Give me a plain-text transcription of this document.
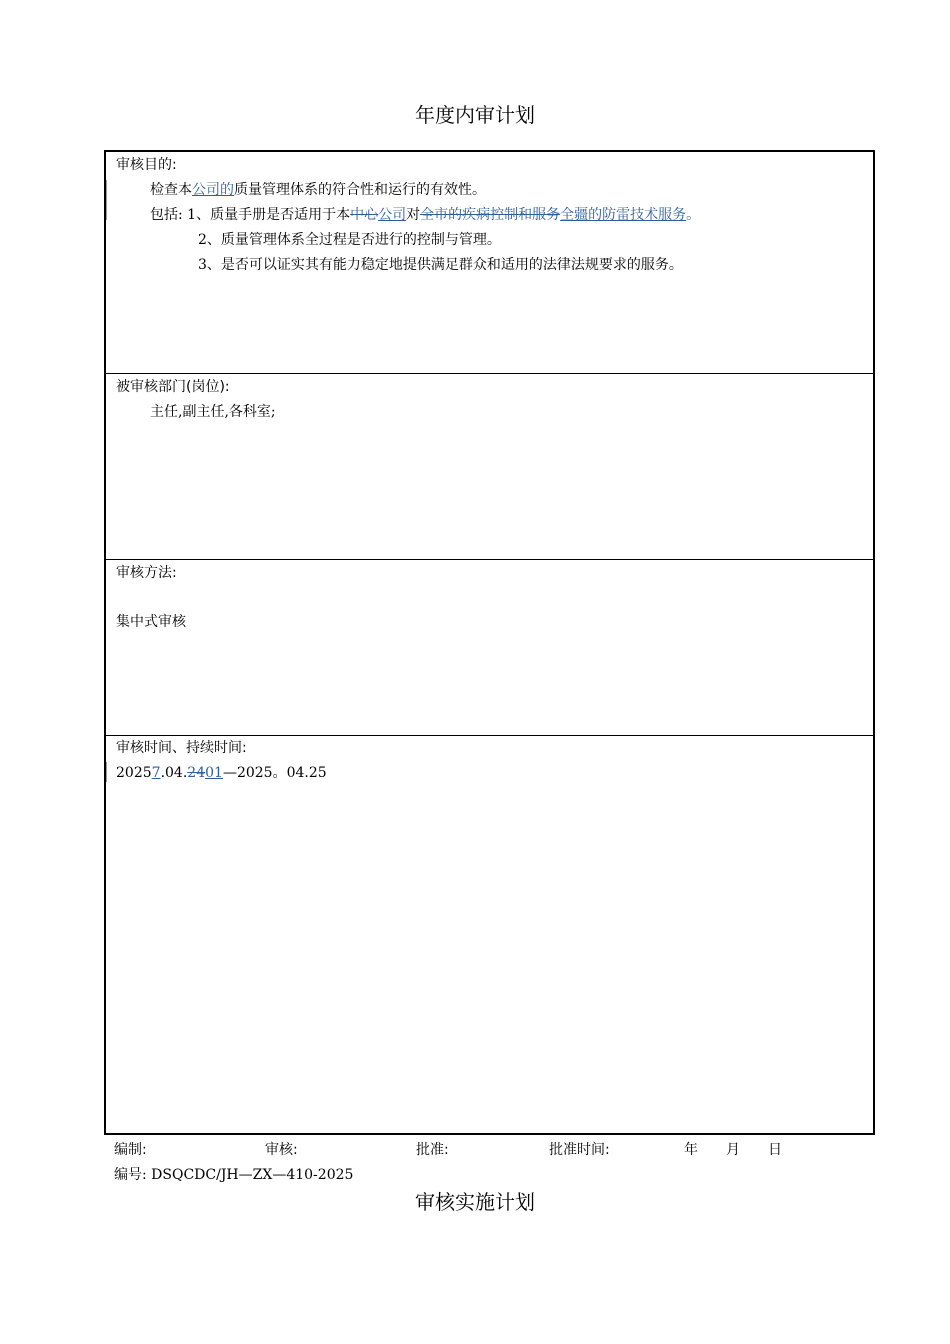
年度内审计划
审核目的:
检查本公司的质量管理体系的符合性和运行的有效性。
包括: 1、质量手册是否适用于本中心公司对全市的疾病控制和服务全疆的防雷技术服务。
2、质量管理体系全过程是否进行的控制与管理。
3、是否可以证实其有能力稳定地提供满足群众和适用的法律法规要求的服务。
被审核部门(岗位):
主任,副主任,各科室;
审核方法:
集中式审核
审核时间、持续时间:
20257.04.2401—2025。04.25
编制:	审核:	批准:	批准时间:	年 月 日
编号: DSQCDC/JH—ZX—410-2025
审核实施计划
